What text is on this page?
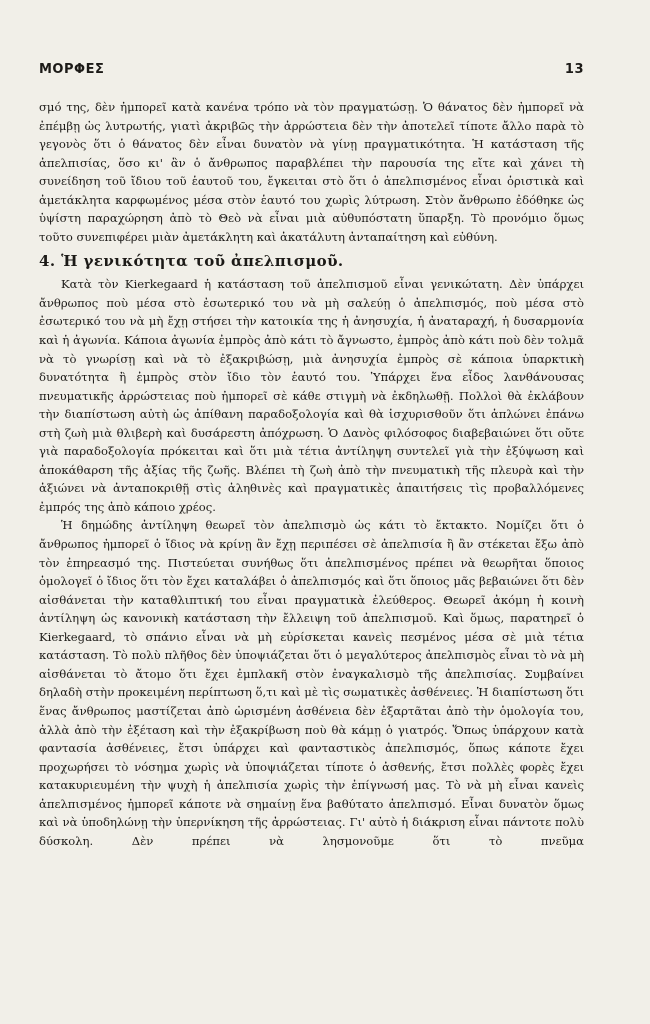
ΜΟΡΦΕΣ	13

σμό της, δὲν ἠμπορεῖ κατὰ κανένα τρόπο νὰ τὸν πραγματώσῃ. Ὁ θάνατος δὲν ἠμπορεῖ νὰ ἐπέμβῃ ὡς λυτρωτής, γιατὶ ἀκριβῶς τὴν ἀρρώστεια δὲν τὴν ἀποτελεῖ τίποτε ἄλλο παρὰ τὸ γεγονὸς ὅτι ὁ θάνατος δὲν εἶναι δυνατὸν νὰ γίνῃ πραγματικότητα. Ἡ κατάσταση τῆς ἀπελπισίας, ὅσο κι' ἂν ὁ ἄνθρωπος παραβλέπει τὴν παρουσία της εἴτε καὶ χάνει τὴ συνείδηση τοῦ ἴδιου τοῦ ἑαυτοῦ του, ἔγκειται στὸ ὅτι ὁ ἀπελπισμένος εἶναι ὁριστικὰ καὶ ἀμετάκλητα καρφωμένος μέσα στὸν ἑαυτό του χωρὶς λύτρωση. Στὸν ἄνθρωπο ἐδόθηκε ὡς ὑψίστη παραχώρηση ἀπὸ τὸ Θεὸ νὰ εἶναι μιὰ αὐθυπόστατη ὕπαρξη. Τὸ προνόμιο ὅμως τοῦτο συνεπιφέρει μιὰν ἀμετάκλητη καὶ ἀκατάλυτη ἀνταπαίτηση καὶ εὐθύνη.

4. Ἡ γενικότητα τοῦ ἀπελπισμοῦ.

Κατὰ τὸν Kierkegaard ἡ κατάσταση τοῦ ἀπελπισμοῦ εἶναι γενικώτατη. Δὲν ὑπάρχει ἄνθρωπος ποὺ μέσα στὸ ἐσωτερικό του νὰ μὴ σαλεύῃ ὁ ἀπελπισμός, ποὺ μέσα στὸ ἐσωτερικό του νὰ μὴ ἔχῃ στήσει τὴν κατοικία της ἡ ἀνησυχία, ἡ ἀναταραχή, ἡ δυσαρμονία καὶ ἡ ἀγωνία. Κάποια ἀγωνία ἐμπρὸς ἀπὸ κάτι τὸ ἄγνωστο, ἐμπρὸς ἀπὸ κάτι ποὺ δὲν τολμᾶ νὰ τὸ γνωρίσῃ καὶ νὰ τὸ ἐξακριβώσῃ, μιὰ ἀνησυχία ἐμπρὸς σὲ κάποια ὑπαρκτικὴ δυνατότητα ἢ ἐμπρὸς στὸν ἴδιο τὸν ἑαυτό του. Ὑπάρχει ἕνα εἶδος λανθάνουσας πνευματικῆς ἀρρώστειας ποὺ ἠμπορεῖ σὲ κάθε στιγμὴ νὰ ἐκδηλωθῇ. Πολλοὶ θὰ ἐκλάβουν τὴν διαπίστωση αὐτὴ ὡς ἀπίθανη παραδοξολογία καὶ θὰ ἰσχυρισθοῦν ὅτι ἁπλώνει ἐπάνω στὴ ζωὴ μιὰ θλιβερὴ καὶ δυσάρεστη ἀπόχρωση. Ὁ Δανὸς φιλόσοφος διαβεβαιώνει ὅτι οὔτε γιὰ παραδοξολογία πρόκειται καὶ ὅτι μιὰ τέτια ἀντίληψη συντελεῖ γιὰ τὴν ἐξύψωση καὶ ἀποκάθαρση τῆς ἀξίας τῆς ζωῆς. Βλέπει τὴ ζωὴ ἀπὸ τὴν πνευματικὴ τῆς πλευρὰ καὶ τὴν ἀξιώνει νὰ ἀνταποκριθῇ στὶς ἀληθινὲς καὶ πραγματικὲς ἀπαιτήσεις τὶς προβαλλόμενες ἐμπρός της ἀπὸ κάποιο χρέος.

Ἡ δημώδης ἀντίληψη θεωρεῖ τὸν ἀπελπισμὸ ὡς κάτι τὸ ἔκτακτο. Νομίζει ὅτι ὁ ἄνθρωπος ἠμπορεῖ ὁ ἴδιος νὰ κρίνῃ ἂν ἔχῃ περιπέσει σὲ ἀπελπισία ἢ ἂν στέκεται ἔξω ἀπὸ τὸν ἐπηρεασμό της. Πιστεύεται συνήθως ὅτι ἀπελπισμένος πρέπει νὰ θεωρῆται ὅποιος ὁμολογεῖ ὁ ἴδιος ὅτι τὸν ἔχει καταλάβει ὁ ἀπελπισμός καὶ ὅτι ὅποιος μᾶς βεβαιώνει ὅτι δὲν αἰσθάνεται τὴν καταθλιπτική του εἶναι πραγματικὰ ἐλεύθερος. Θεωρεῖ ἀκόμη ἡ κοινὴ ἀντίληψη ὡς κανονικὴ κατάσταση τὴν ἔλλειψη τοῦ ἀπελπισμοῦ. Καὶ ὅμως, παρατηρεῖ ὁ Kierkegaard, τὸ σπάνιο εἶναι νὰ μὴ εὑρίσκεται κανεὶς πεσμένος μέσα σὲ μιὰ τέτια κατάσταση. Τὸ πολὺ πλῆθος δὲν ὑποψιάζεται ὅτι ὁ μεγαλύτερος ἀπελπισμὸς εἶναι τὸ νὰ μὴ αἰσθάνεται τὸ ἄτομο ὅτι ἔχει ἐμπλακῆ στὸν ἐναγκαλισμὸ τῆς ἀπελπισίας. Συμβαίνει δηλαδὴ στὴν προκειμένη περίπτωση ὅ,τι καὶ μὲ τὶς σωματικὲς ἀσθένειες. Ἡ διαπίστωση ὅτι ἕνας ἄνθρωπος μαστίζεται ἀπὸ ὡρισμένη ἀσθένεια δὲν ἐξαρτᾶται ἀπὸ τὴν ὁμολογία του, ἀλλὰ ἀπὸ τὴν ἐξέταση καὶ τὴν ἐξακρίβωση ποὺ θὰ κάμῃ ὁ γιατρός. Ὅπως ὑπάρχουν κατὰ φαντασία ἀσθένειες, ἔτσι ὑπάρχει καὶ φανταστικὸς ἀπελπισμός, ὅπως κάποτε ἔχει προχωρήσει τὸ νόσημα χωρὶς νὰ ὑποψιάζεται τίποτε ὁ ἀσθενής, ἔτσι πολλὲς φορὲς ἔχει κατακυριευμένη τὴν ψυχὴ ἡ ἀπελπισία χωρὶς τὴν ἐπίγνωσή μας. Τὸ νὰ μὴ εἶναι κανεὶς ἀπελπισμένος ἠμπορεῖ κάποτε νὰ σημαίνῃ ἕνα βαθύτατο ἀπελπισμό. Εἶναι δυνατὸν ὅμως καὶ νὰ ὑποδηλώνῃ τὴν ὑπερνίκηση τῆς ἀρρώστειας. Γι' αὐτὸ ἡ διάκριση εἶναι πάντοτε πολὺ δύσκολη. Δὲν πρέπει νὰ λησμονοῦμε ὅτι τὸ πνεῦμα
